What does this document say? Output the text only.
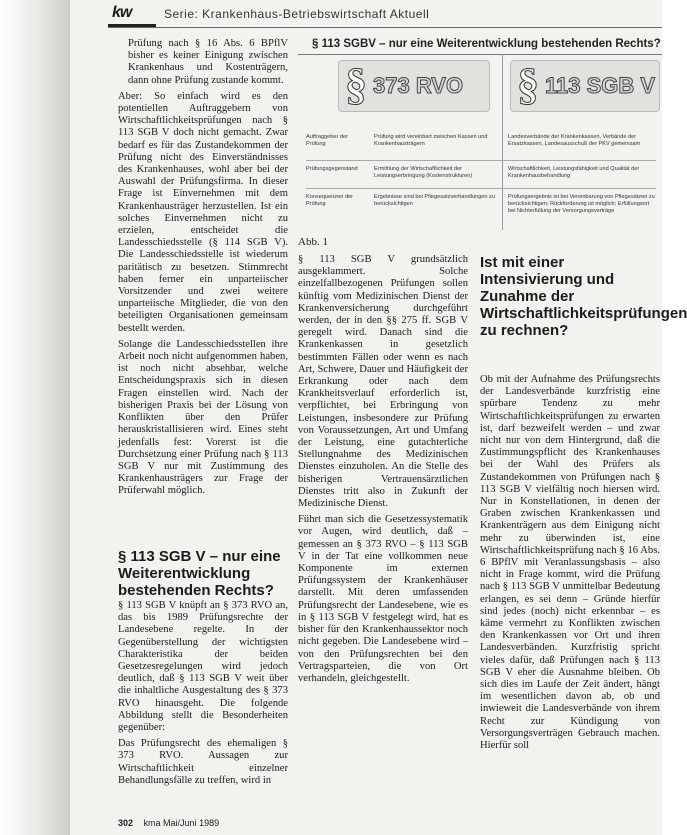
kw	Serie: Krankenhaus-Betriebswirtschaft Aktuell

Prüfung nach § 16 Abs. 6 BPflV bisher es keiner Einigung zwischen Krankenhaus und Kostenträgern, dann ohne Prüfung zustande kommt.

Aber: So einfach wird es den potentiellen Auftraggebern von Wirtschaftlichkeitsprüfungen nach § 113 SGB V doch nicht gemacht. Zwar bedarf es für das Zustandekommen der Prüfung nicht des Einverständnisses des Krankenhauses, wohl aber bei der Auswahl der Prüfungsfirma. In dieser Frage ist Einvernehmen mit dem Krankenhausträger herzustellen. Ist ein solches Einvernehmen nicht zu erzielen, entscheidet die Landesschiedsstelle (§ 114 SGB V). Die Landesschiedsstelle ist wiederum paritätisch zu besetzen. Stimmrecht haben ferner ein unparteiischer Vorsitzender und zwei weitere unparteiische Mitglieder, die von den beteiligten Organisationen gemeinsam bestellt werden.

Solange die Landesschiedsstellen ihre Arbeit noch nicht aufgenommen haben, ist noch nicht absehbar, welche Entscheidungspraxis sich in diesen Fragen einstellen wird. Nach der bisherigen Praxis bei der Lösung von Konflikten über den Prüfer herauskristallisieren wird. Eines steht jedenfalls fest: Vorerst ist die Durchsetzung einer Prüfung nach § 113 SGB V nur mit Zustimmung des Krankenhausträgers zur Frage der Prüferwahl möglich.

§ 113 SGB V – nur eine Weiterentwicklung bestehenden Rechts?

§ 113 SGB V knüpft an § 373 RVO an, das bis 1989 Prüfungsrechte der Landesebene regelte. In der Gegenüberstellung der wichtigsten Charakteristika der beiden Gesetzesregelungen wird jedoch deutlich, daß § 113 SGB V weit über die inhaltliche Ausgestaltung des § 373 RVO hinausgeht. Die folgende Abbildung stellt die Besonderheiten gegenüber:

Das Prüfungsrecht des ehemaligen § 373 RVO. Aussagen zur Wirtschaftlichkeit einzelner Behandlungsfälle zu treffen, wird in

§ 113 SGBV – nur eine Weiterentwicklung bestehenden Rechts?
§ 373 RVO § 113 SGB V
Auftraggeber der Prüfung
Prüfung wird vereinbart zwischen Kassen und Krankenhausträgern
Landesverbände der Krankenkassen, Verbände der Ersatzkassen, Landesausschuß der PKV gemeinsam
Prüfungsgegenstand	Ermittlung der Wirtschaftlichkeit der Leistungserbringung (Kostenstrukturen)
Wirtschaftlichkeit, Leistungsfähigkeit und Qualität der Krankenhausbehandlung
Konsequenzen der Prüfung
Ergebnisse sind bei Pflegesatzverhandlungen zu berücksichtigen
Prüfungsergebnis ist bei Vereinbarung von Pflegesätzen zu berücksichtigen; Rückforderung ist möglich; Erfüllungsort bei Nichterfüllung der Versorgungsverträge
Abb. 1

§ 113 SGB V grundsätzlich ausgeklammert. Solche einzelfallbezogenen Prüfungen sollen künftig vom Medizinischen Dienst der Krankenversicherung durchgeführt werden, der in den §§ 275 ff. SGB V geregelt wird. Danach sind die Krankenkassen in gesetzlich bestimmten Fällen oder wenn es nach Art, Schwere, Dauer und Häufigkeit der Erkrankung oder nach dem Krankheitsverlauf erforderlich ist, verpflichtet, bei Erbringung von Leistungen, insbesondere zur Prüfung von Voraussetzungen, Art und Umfang der Leistung, eine gutachterliche Stellungnahme des Medizinischen Dienstes einzuholen. An die Stelle des bisherigen Vertrauensärztlichen Dienstes tritt also in Zukunft der Medizinische Dienst.

Führt man sich die Gesetzessystematik vor Augen, wird deutlich, daß – gemessen an § 373 RVO – § 113 SGB V in der Tat eine vollkommen neue Komponente im externen Prüfungssystem der Krankenhäuser darstellt. Mit deren umfassenden Prüfungsrecht der Landesebene, wie es in § 113 SGB V festgelegt wird, hat es bisher für den Krankenhaussektor noch nicht gegeben. Die Landesebene wird – von den Prüfungsrechten bei den Vertragsparteien, die von Ort verhandeln, gleichgestellt.

Ist mit einer Intensivierung und Zunahme der Wirtschaftlichkeitsprüfungen zu rechnen?

Ob mit der Aufnahme des Prüfungsrechts der Landesverbände kurzfristig eine spürbare Tendenz zu mehr Wirtschaftlichkeitsprüfungen zu erwarten ist, darf bezweifelt werden – und zwar nicht nur von dem Hintergrund, daß die Zustimmungspflicht des Krankenhauses bei der Wahl des Prüfers als Zustandekommen von Prüfungen nach § 113 SGB V vielfältig noch hiersen wird. Nur in Konstellationen, in denen der Graben zwischen Krankenkassen und Krankenträgern aus dem Einigung nicht mehr zu überwinden ist, eine Wirtschaftlichkeitsprüfung nach § 16 Abs. 6 BPflV mit Veranlassungsbasis – also nicht in Frage kommt, wird die Prüfung nach § 113 SGB V unmittelbar Bedeutung erlangen, es sei denn – Gründe hierfür sind jedes (noch) nicht erkennbar – es käme vermehrt zu Konflikten zwischen den Krankenkassen vor Ort und ihren Landesverbänden. Kurzfristig spricht vieles dafür, daß Prüfungen nach § 113 SGB V eher die Ausnahme bleiben. Ob sich dies im Laufe der Zeit ändert, hängt im wesentlichen davon ab, ob und inwieweit die Landesverbände von ihrem Recht zur Kündigung von Versorgungsverträgen Gebrauch machen. Hierfür soll

302 kma Mai/Juni 1989
